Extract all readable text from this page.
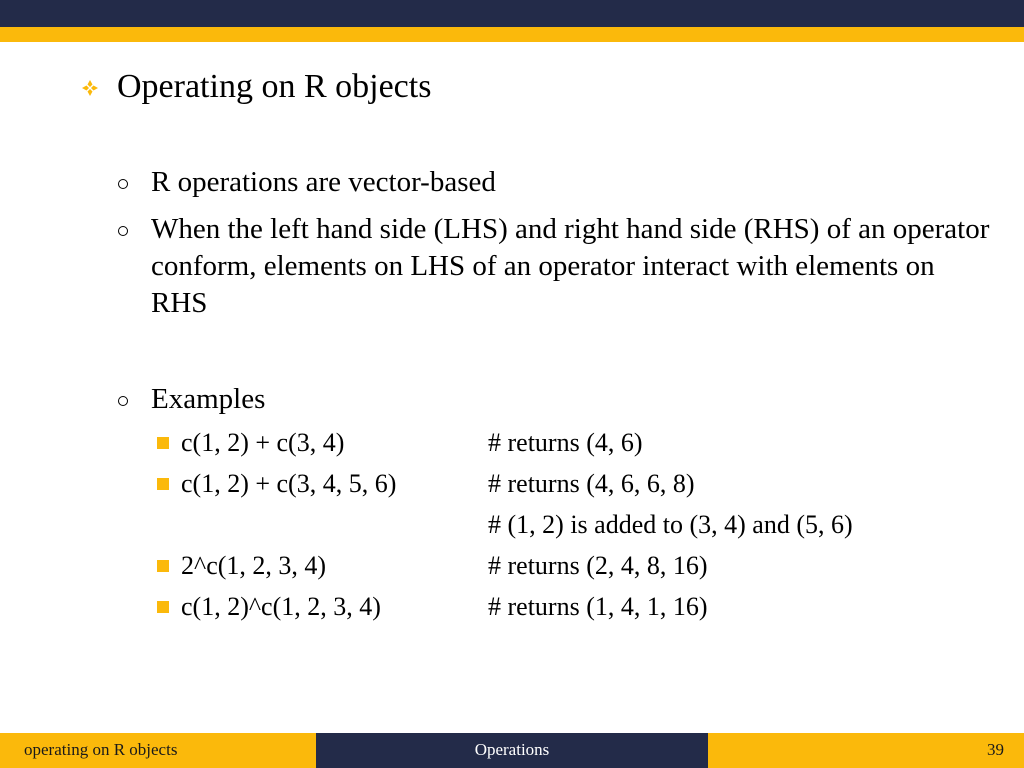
Operating on R objects
R operations are vector-based
When the left hand side (LHS) and right hand side (RHS) of an operator conform, elements on LHS of an operator interact with elements on RHS
Examples
c(1, 2) + c(3, 4)	# returns (4, 6)
c(1, 2) + c(3, 4, 5, 6)	# returns (4, 6, 6, 8)
# (1, 2) is added to (3, 4) and (5, 6)
2^c(1, 2, 3, 4)	# returns (2, 4, 8, 16)
c(1, 2)^c(1, 2, 3, 4)	# returns (1, 4, 1, 16)
operating on R objects	Operations	39
